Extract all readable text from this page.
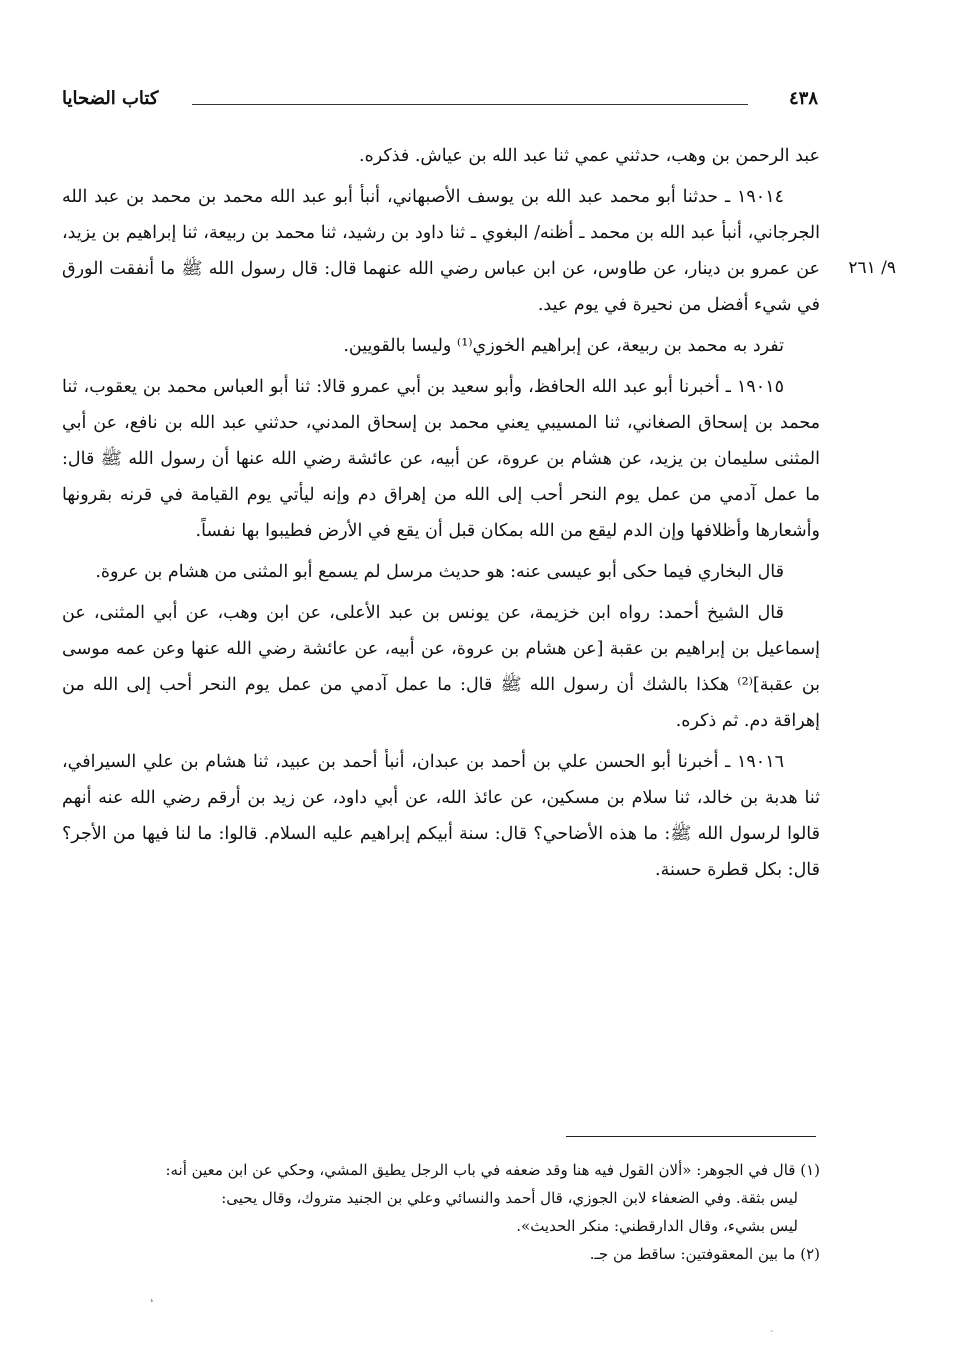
٤٣٨
كتاب الضحايا
٩/ ٢٦١

عبد الرحمن بن وهب، حدثني عمي ثنا عبد الله بن عياش. فذكره.

١٩٠١٤ ـ حدثنا أبو محمد عبد الله بن يوسف الأصبهاني، أنبأ أبو عبد الله محمد بن محمد بن عبد الله الجرجاني، أنبأ عبد الله بن محمد ـ أظنه/ البغوي ـ ثنا داود بن رشيد، ثنا محمد بن ربيعة، ثنا إبراهيم بن يزيد، عن عمرو بن دينار، عن طاوس، عن ابن عباس رضي الله عنهما قال: قال رسول الله ﷺ ما أنفقت الورق في شيء أفضل من نحيرة في يوم عيد.

تفرد به محمد بن ربيعة، عن إبراهيم الخوزي⁽¹⁾ وليسا بالقويين.

١٩٠١٥ ـ أخبرنا أبو عبد الله الحافظ، وأبو سعيد بن أبي عمرو قالا: ثنا أبو العباس محمد بن يعقوب، ثنا محمد بن إسحاق الصغاني، ثنا المسيبي يعني محمد بن إسحاق المدني، حدثني عبد الله بن نافع، عن أبي المثنى سليمان بن يزيد، عن هشام بن عروة، عن أبيه، عن عائشة رضي الله عنها أن رسول الله ﷺ قال: ما عمل آدمي من عمل يوم النحر أحب إلى الله من إهراق دم وإنه ليأتي يوم القيامة في قرنه بقرونها وأشعارها وأظلافها وإن الدم ليقع من الله بمكان قبل أن يقع في الأرض فطيبوا بها نفساً.

قال البخاري فيما حكى أبو عيسى عنه: هو حديث مرسل لم يسمع أبو المثنى من هشام بن عروة.

قال الشيخ أحمد: رواه ابن خزيمة، عن يونس بن عبد الأعلى، عن ابن وهب، عن أبي المثنى، عن إسماعيل بن إبراهيم بن عقبة [عن هشام بن عروة، عن أبيه، عن عائشة رضي الله عنها وعن عمه موسى بن عقبة]⁽²⁾ هكذا بالشك أن رسول الله ﷺ قال: ما عمل آدمي من عمل يوم النحر أحب إلى الله من إهراقة دم. ثم ذكره.

١٩٠١٦ ـ أخبرنا أبو الحسن علي بن أحمد بن عبدان، أنبأ أحمد بن عبيد، ثنا هشام بن علي السيرافي، ثنا هدبة بن خالد، ثنا سلام بن مسكين، عن عائذ الله، عن أبي داود، عن زيد بن أرقم رضي الله عنه أنهم قالوا لرسول الله ﷺ: ما هذه الأضاحي؟ قال: سنة أبيكم إبراهيم عليه السلام. قالوا: ما لنا فيها من الأجر؟ قال: بكل قطرة حسنة.

(١) قال في الجوهر: «ألان القول فيه هنا وقد ضعفه في باب الرجل يطيق المشي، وحكي عن ابن معين أنه:

ليس بثقة. وفي الضعفاء لابن الجوزي، قال أحمد والنسائي وعلي بن الجنيد متروك، وقال يحيى:

ليس بشيء، وقال الدارقطني: منكر الحديث».

(٢) ما بين المعقوفتين: ساقط من جـ.

❛
-
